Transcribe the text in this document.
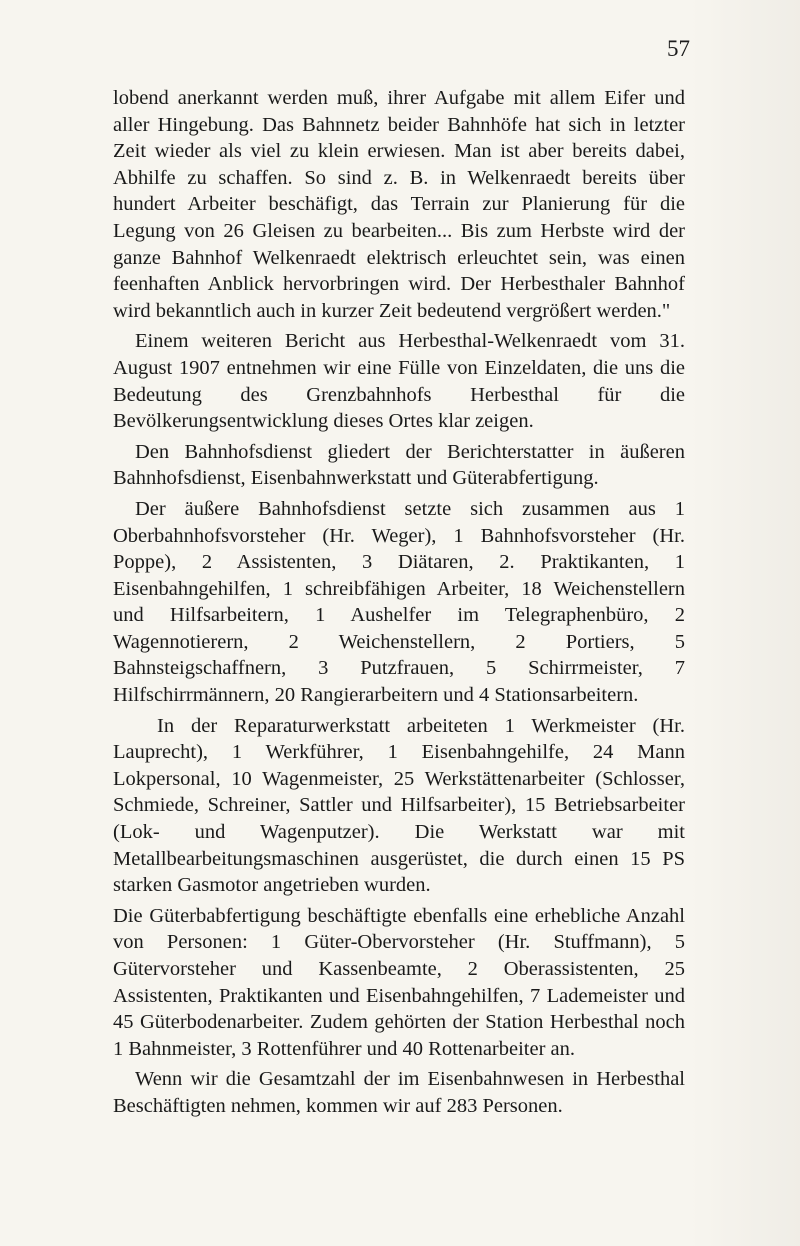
57

lobend anerkannt werden muß, ihrer Aufgabe mit allem Eifer und aller Hingebung. Das Bahnnetz beider Bahnhöfe hat sich in letzter Zeit wieder als viel zu klein erwiesen. Man ist aber bereits dabei, Abhilfe zu schaffen. So sind z. B. in Welkenraedt bereits über hundert Arbeiter beschäfigt, das Terrain zur Planierung für die Legung von 26 Gleisen zu bearbeiten... Bis zum Herbste wird der ganze Bahnhof Welkenraedt elektrisch erleuchtet sein, was einen feenhaften Anblick hervorbringen wird. Der Herbesthaler Bahnhof wird bekanntlich auch in kurzer Zeit bedeutend vergrößert werden."

Einem weiteren Bericht aus Herbesthal-Welkenraedt vom 31. August 1907 entnehmen wir eine Fülle von Einzeldaten, die uns die Bedeutung des Grenzbahnhofs Herbesthal für die Bevölkerungsentwicklung dieses Ortes klar zeigen.

Den Bahnhofsdienst gliedert der Berichterstatter in äußeren Bahnhofsdienst, Eisenbahnwerkstatt und Güterabfertigung.

Der äußere Bahnhofsdienst setzte sich zusammen aus 1 Oberbahnhofsvorsteher (Hr. Weger), 1 Bahnhofsvorsteher (Hr. Poppe), 2 Assistenten, 3 Diätaren, 2. Praktikanten, 1 Eisenbahngehilfen, 1 schreibfähigen Arbeiter, 18 Weichenstellern und Hilfsarbeitern, 1 Aushelfer im Telegraphenbüro, 2 Wagennotierern, 2 Weichenstellern, 2 Portiers, 5 Bahnsteigschaffnern, 3 Putzfrauen, 5 Schirrmeister, 7 Hilfschirrmännern, 20 Rangierarbeitern und 4 Stationsarbeitern.

In der Reparaturwerkstatt arbeiteten 1 Werkmeister (Hr. Lauprecht), 1 Werkführer, 1 Eisenbahngehilfe, 24 Mann Lokpersonal, 10 Wagenmeister, 25 Werkstättenarbeiter (Schlosser, Schmiede, Schreiner, Sattler und Hilfsarbeiter), 15 Betriebsarbeiter (Lok- und Wagenputzer). Die Werkstatt war mit Metallbearbeitungsmaschinen ausgerüstet, die durch einen 15 PS starken Gasmotor angetrieben wurden.

Die Güterbabfertigung beschäftigte ebenfalls eine erhebliche Anzahl von Personen: 1 Güter-Obervorsteher (Hr. Stuffmann), 5 Gütervorsteher und Kassenbeamte, 2 Oberassistenten, 25 Assistenten, Praktikanten und Eisenbahngehilfen, 7 Lademeister und 45 Güterbodenarbeiter. Zudem gehörten der Station Herbesthal noch 1 Bahnmeister, 3 Rottenführer und 40 Rottenarbeiter an.

Wenn wir die Gesamtzahl der im Eisenbahnwesen in Herbesthal Beschäftigten nehmen, kommen wir auf 283 Personen.
